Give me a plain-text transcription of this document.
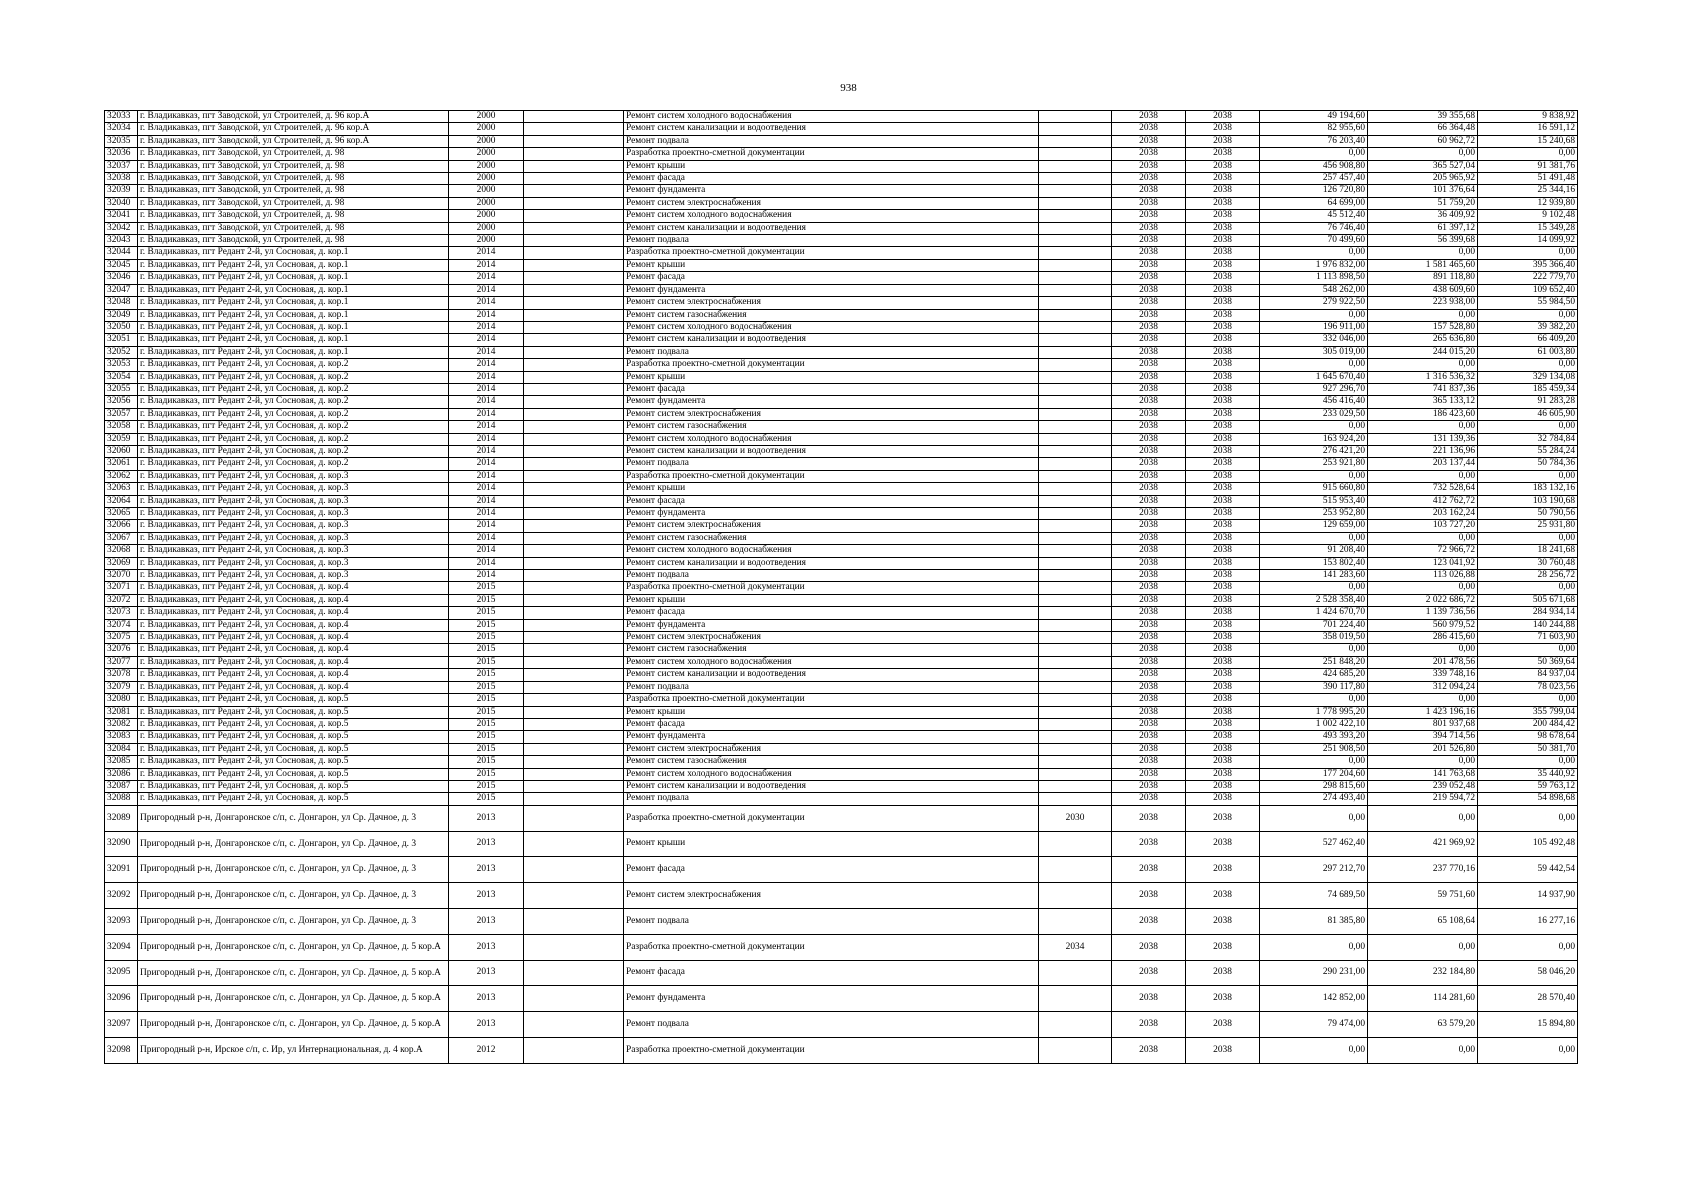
938
32033	г. Владикавказ, пгт Заводской, ул Строителей, д. 96 кор.А	2000		Ремонт систем холодного водоснабжения		2038	2038	49 194,60	39 355,68	9 838,92
32034	г. Владикавказ, пгт Заводской, ул Строителей, д. 96 кор.А	2000		Ремонт систем канализации и водоотведения		2038	2038	82 955,60	66 364,48	16 591,12
32035	г. Владикавказ, пгт Заводской, ул Строителей, д. 96 кор.А	2000		Ремонт подвала		2038	2038	76 203,40	60 962,72	15 240,68
32036	г. Владикавказ, пгт Заводской, ул Строителей, д. 98	2000		Разработка проектно-сметной документации		2038	2038	0,00	0,00	0,00
32037	г. Владикавказ, пгт Заводской, ул Строителей, д. 98	2000		Ремонт крыши		2038	2038	456 908,80	365 527,04	91 381,76
32038	г. Владикавказ, пгт Заводской, ул Строителей, д. 98	2000		Ремонт фасада		2038	2038	257 457,40	205 965,92	51 491,48
32039	г. Владикавказ, пгт Заводской, ул Строителей, д. 98	2000		Ремонт фундамента		2038	2038	126 720,80	101 376,64	25 344,16
32040	г. Владикавказ, пгт Заводской, ул Строителей, д. 98	2000		Ремонт систем электроснабжения		2038	2038	64 699,00	51 759,20	12 939,80
32041	г. Владикавказ, пгт Заводской, ул Строителей, д. 98	2000		Ремонт систем холодного водоснабжения		2038	2038	45 512,40	36 409,92	9 102,48
32042	г. Владикавказ, пгт Заводской, ул Строителей, д. 98	2000		Ремонт систем канализации и водоотведения		2038	2038	76 746,40	61 397,12	15 349,28
32043	г. Владикавказ, пгт Заводской, ул Строителей, д. 98	2000		Ремонт подвала		2038	2038	70 499,60	56 399,68	14 099,92
32044	г. Владикавказ, пгт Редант 2-й, ул Сосновая, д. кор.1	2014		Разработка проектно-сметной документации		2038	2038	0,00	0,00	0,00
32045	г. Владикавказ, пгт Редант 2-й, ул Сосновая, д. кор.1	2014		Ремонт крыши		2038	2038	1 976 832,00	1 581 465,60	395 366,40
32046	г. Владикавказ, пгт Редант 2-й, ул Сосновая, д. кор.1	2014		Ремонт фасада		2038	2038	1 113 898,50	891 118,80	222 779,70
32047	г. Владикавказ, пгт Редант 2-й, ул Сосновая, д. кор.1	2014		Ремонт фундамента		2038	2038	548 262,00	438 609,60	109 652,40
32048	г. Владикавказ, пгт Редант 2-й, ул Сосновая, д. кор.1	2014		Ремонт систем электроснабжения		2038	2038	279 922,50	223 938,00	55 984,50
32049	г. Владикавказ, пгт Редант 2-й, ул Сосновая, д. кор.1	2014		Ремонт систем газоснабжения		2038	2038	0,00	0,00	0,00
32050	г. Владикавказ, пгт Редант 2-й, ул Сосновая, д. кор.1	2014		Ремонт систем холодного водоснабжения		2038	2038	196 911,00	157 528,80	39 382,20
32051	г. Владикавказ, пгт Редант 2-й, ул Сосновая, д. кор.1	2014		Ремонт систем канализации и водоотведения		2038	2038	332 046,00	265 636,80	66 409,20
32052	г. Владикавказ, пгт Редант 2-й, ул Сосновая, д. кор.1	2014		Ремонт подвала		2038	2038	305 019,00	244 015,20	61 003,80
32053	г. Владикавказ, пгт Редант 2-й, ул Сосновая, д. кор.2	2014		Разработка проектно-сметной документации		2038	2038	0,00	0,00	0,00
32054	г. Владикавказ, пгт Редант 2-й, ул Сосновая, д. кор.2	2014		Ремонт крыши		2038	2038	1 645 670,40	1 316 536,32	329 134,08
32055	г. Владикавказ, пгт Редант 2-й, ул Сосновая, д. кор.2	2014		Ремонт фасада		2038	2038	927 296,70	741 837,36	185 459,34
32056	г. Владикавказ, пгт Редант 2-й, ул Сосновая, д. кор.2	2014		Ремонт фундамента		2038	2038	456 416,40	365 133,12	91 283,28
32057	г. Владикавказ, пгт Редант 2-й, ул Сосновая, д. кор.2	2014		Ремонт систем электроснабжения		2038	2038	233 029,50	186 423,60	46 605,90
32058	г. Владикавказ, пгт Редант 2-й, ул Сосновая, д. кор.2	2014		Ремонт систем газоснабжения		2038	2038	0,00	0,00	0,00
32059	г. Владикавказ, пгт Редант 2-й, ул Сосновая, д. кор.2	2014		Ремонт систем холодного водоснабжения		2038	2038	163 924,20	131 139,36	32 784,84
32060	г. Владикавказ, пгт Редант 2-й, ул Сосновая, д. кор.2	2014		Ремонт систем канализации и водоотведения		2038	2038	276 421,20	221 136,96	55 284,24
32061	г. Владикавказ, пгт Редант 2-й, ул Сосновая, д. кор.2	2014		Ремонт подвала		2038	2038	253 921,80	203 137,44	50 784,36
32062	г. Владикавказ, пгт Редант 2-й, ул Сосновая, д. кор.3	2014		Разработка проектно-сметной документации		2038	2038	0,00	0,00	0,00
32063	г. Владикавказ, пгт Редант 2-й, ул Сосновая, д. кор.3	2014		Ремонт крыши		2038	2038	915 660,80	732 528,64	183 132,16
32064	г. Владикавказ, пгт Редант 2-й, ул Сосновая, д. кор.3	2014		Ремонт фасада		2038	2038	515 953,40	412 762,72	103 190,68
32065	г. Владикавказ, пгт Редант 2-й, ул Сосновая, д. кор.3	2014		Ремонт фундамента		2038	2038	253 952,80	203 162,24	50 790,56
32066	г. Владикавказ, пгт Редант 2-й, ул Сосновая, д. кор.3	2014		Ремонт систем электроснабжения		2038	2038	129 659,00	103 727,20	25 931,80
32067	г. Владикавказ, пгт Редант 2-й, ул Сосновая, д. кор.3	2014		Ремонт систем газоснабжения		2038	2038	0,00	0,00	0,00
32068	г. Владикавказ, пгт Редант 2-й, ул Сосновая, д. кор.3	2014		Ремонт систем холодного водоснабжения		2038	2038	91 208,40	72 966,72	18 241,68
32069	г. Владикавказ, пгт Редант 2-й, ул Сосновая, д. кор.3	2014		Ремонт систем канализации и водоотведения		2038	2038	153 802,40	123 041,92	30 760,48
32070	г. Владикавказ, пгт Редант 2-й, ул Сосновая, д. кор.3	2014		Ремонт подвала		2038	2038	141 283,60	113 026,88	28 256,72
32071	г. Владикавказ, пгт Редант 2-й, ул Сосновая, д. кор.4	2015		Разработка проектно-сметной документации		2038	2038	0,00	0,00	0,00
32072	г. Владикавказ, пгт Редант 2-й, ул Сосновая, д. кор.4	2015		Ремонт крыши		2038	2038	2 528 358,40	2 022 686,72	505 671,68
32073	г. Владикавказ, пгт Редант 2-й, ул Сосновая, д. кор.4	2015		Ремонт фасада		2038	2038	1 424 670,70	1 139 736,56	284 934,14
32074	г. Владикавказ, пгт Редант 2-й, ул Сосновая, д. кор.4	2015		Ремонт фундамента		2038	2038	701 224,40	560 979,52	140 244,88
32075	г. Владикавказ, пгт Редант 2-й, ул Сосновая, д. кор.4	2015		Ремонт систем электроснабжения		2038	2038	358 019,50	286 415,60	71 603,90
32076	г. Владикавказ, пгт Редант 2-й, ул Сосновая, д. кор.4	2015		Ремонт систем газоснабжения		2038	2038	0,00	0,00	0,00
32077	г. Владикавказ, пгт Редант 2-й, ул Сосновая, д. кор.4	2015		Ремонт систем холодного водоснабжения		2038	2038	251 848,20	201 478,56	50 369,64
32078	г. Владикавказ, пгт Редант 2-й, ул Сосновая, д. кор.4	2015		Ремонт систем канализации и водоотведения		2038	2038	424 685,20	339 748,16	84 937,04
32079	г. Владикавказ, пгт Редант 2-й, ул Сосновая, д. кор.4	2015		Ремонт подвала		2038	2038	390 117,80	312 094,24	78 023,56
32080	г. Владикавказ, пгт Редант 2-й, ул Сосновая, д. кор.5	2015		Разработка проектно-сметной документации		2038	2038	0,00	0,00	0,00
32081	г. Владикавказ, пгт Редант 2-й, ул Сосновая, д. кор.5	2015		Ремонт крыши		2038	2038	1 778 995,20	1 423 196,16	355 799,04
32082	г. Владикавказ, пгт Редант 2-й, ул Сосновая, д. кор.5	2015		Ремонт фасада		2038	2038	1 002 422,10	801 937,68	200 484,42
32083	г. Владикавказ, пгт Редант 2-й, ул Сосновая, д. кор.5	2015		Ремонт фундамента		2038	2038	493 393,20	394 714,56	98 678,64
32084	г. Владикавказ, пгт Редант 2-й, ул Сосновая, д. кор.5	2015		Ремонт систем электроснабжения		2038	2038	251 908,50	201 526,80	50 381,70
32085	г. Владикавказ, пгт Редант 2-й, ул Сосновая, д. кор.5	2015		Ремонт систем газоснабжения		2038	2038	0,00	0,00	0,00
32086	г. Владикавказ, пгт Редант 2-й, ул Сосновая, д. кор.5	2015		Ремонт систем холодного водоснабжения		2038	2038	177 204,60	141 763,68	35 440,92
32087	г. Владикавказ, пгт Редант 2-й, ул Сосновая, д. кор.5	2015		Ремонт систем канализации и водоотведения		2038	2038	298 815,60	239 052,48	59 763,12
32088	г. Владикавказ, пгт Редант 2-й, ул Сосновая, д. кор.5	2015		Ремонт подвала		2038	2038	274 493,40	219 594,72	54 898,68
32089	Пригородный р-н, Донгаронское с/п, с. Донгарон, ул Ср. Дачное, д. 3	2013		Разработка проектно-сметной документации	2030	2038	2038	0,00	0,00	0,00
32090	Пригородный р-н, Донгаронское с/п, с. Донгарон, ул Ср. Дачное, д. 3	2013		Ремонт крыши		2038	2038	527 462,40	421 969,92	105 492,48
32091	Пригородный р-н, Донгаронское с/п, с. Донгарон, ул Ср. Дачное, д. 3	2013		Ремонт фасада		2038	2038	297 212,70	237 770,16	59 442,54
32092	Пригородный р-н, Донгаронское с/п, с. Донгарон, ул Ср. Дачное, д. 3	2013		Ремонт систем электроснабжения		2038	2038	74 689,50	59 751,60	14 937,90
32093	Пригородный р-н, Донгаронское с/п, с. Донгарон, ул Ср. Дачное, д. 3	2013		Ремонт подвала		2038	2038	81 385,80	65 108,64	16 277,16
32094	Пригородный р-н, Донгаронское с/п, с. Донгарон, ул Ср. Дачное, д. 5 кор.А	2013		Разработка проектно-сметной документации	2034	2038	2038	0,00	0,00	0,00
32095	Пригородный р-н, Донгаронское с/п, с. Донгарон, ул Ср. Дачное, д. 5 кор.А	2013		Ремонт фасада		2038	2038	290 231,00	232 184,80	58 046,20
32096	Пригородный р-н, Донгаронское с/п, с. Донгарон, ул Ср. Дачное, д. 5 кор.А	2013		Ремонт фундамента		2038	2038	142 852,00	114 281,60	28 570,40
32097	Пригородный р-н, Донгаронское с/п, с. Донгарон, ул Ср. Дачное, д. 5 кор.А	2013		Ремонт подвала		2038	2038	79 474,00	63 579,20	15 894,80
32098	Пригородный р-н, Ирское с/п, с. Ир, ул Интернациональная, д. 4 кор.А	2012		Разработка проектно-сметной документации		2038	2038	0,00	0,00	0,00
